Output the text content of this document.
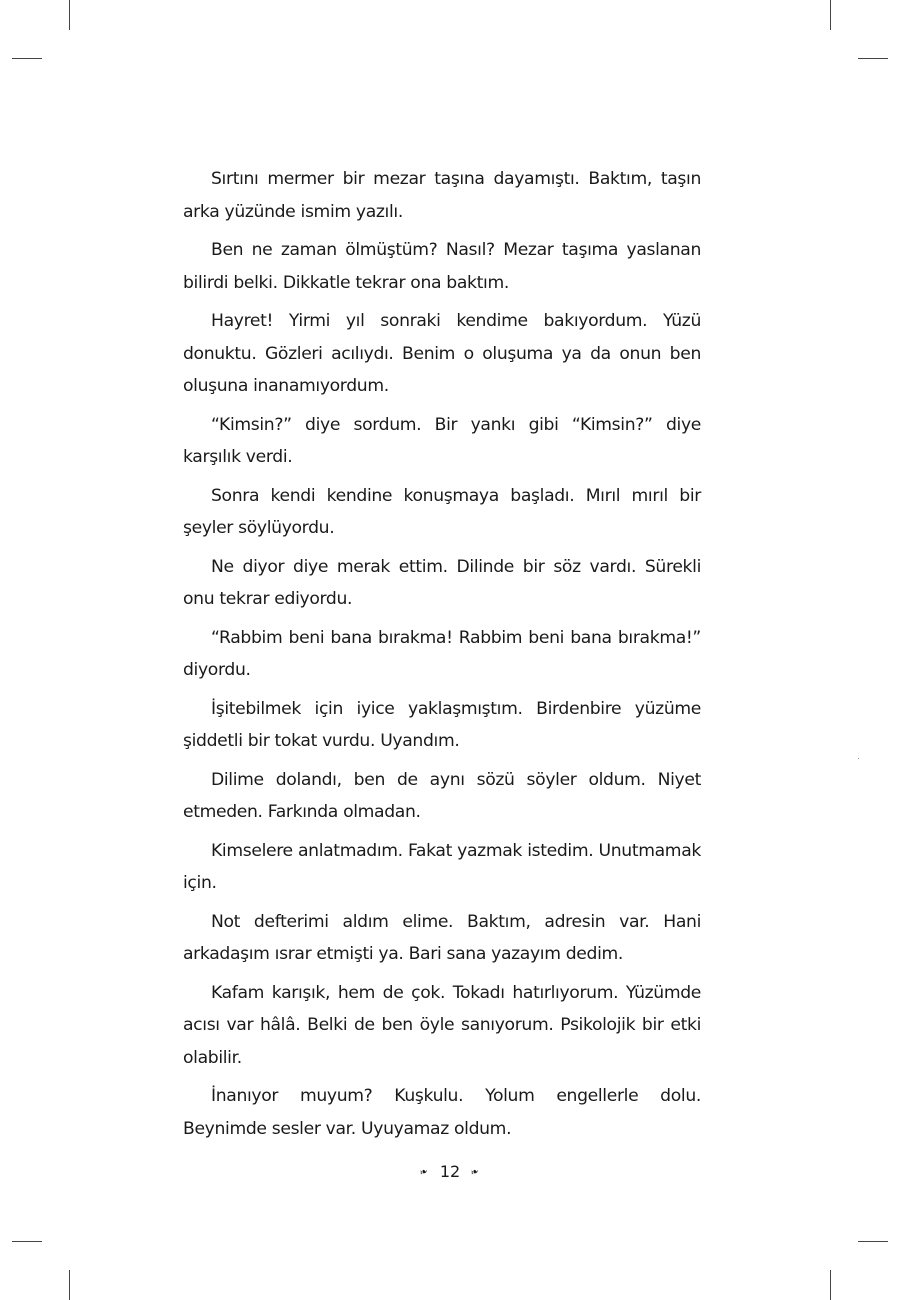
Sırtını mermer bir mezar taşına dayamıştı. Baktım, taşın arka yüzünde ismim yazılı.

Ben ne zaman ölmüştüm? Nasıl? Mezar taşıma yaslanan bilirdi belki. Dikkatle tekrar ona baktım.

Hayret! Yirmi yıl sonraki kendime bakıyordum. Yüzü donuktu. Gözleri acılıydı. Benim o oluşuma ya da onun ben oluşuna inanamıyordum.

“Kimsin?” diye sordum. Bir yankı gibi “Kimsin?” diye karşılık verdi.

Sonra kendi kendine konuşmaya başladı. Mırıl mırıl bir şeyler söylüyordu.

Ne diyor diye merak ettim. Dilinde bir söz vardı. Sürekli onu tekrar ediyordu.

“Rabbim beni bana bırakma! Rabbim beni bana bırakma!” diyordu.

İşitebilmek için iyice yaklaşmıştım. Birdenbire yüzüme şiddetli bir tokat vurdu. Uyandım.

Dilime dolandı, ben de aynı sözü söyler oldum. Niyet etmeden. Farkında olmadan.

Kimselere anlatmadım. Fakat yazmak istedim. Unutmamak için.

Not defterimi aldım elime. Baktım, adresin var. Hani arkadaşım ısrar etmişti ya. Bari sana yazayım dedim.

Kafam karışık, hem de çok. Tokadı hatırlıyorum. Yüzümde acısı var hâlâ. Belki de ben öyle sanıyorum. Psikolojik bir etki olabilir.

İnanıyor muyum? Kuşkulu. Yolum engellerle dolu. Beynimde sesler var. Uyuyamaz oldum.

❧ 12 ❧
